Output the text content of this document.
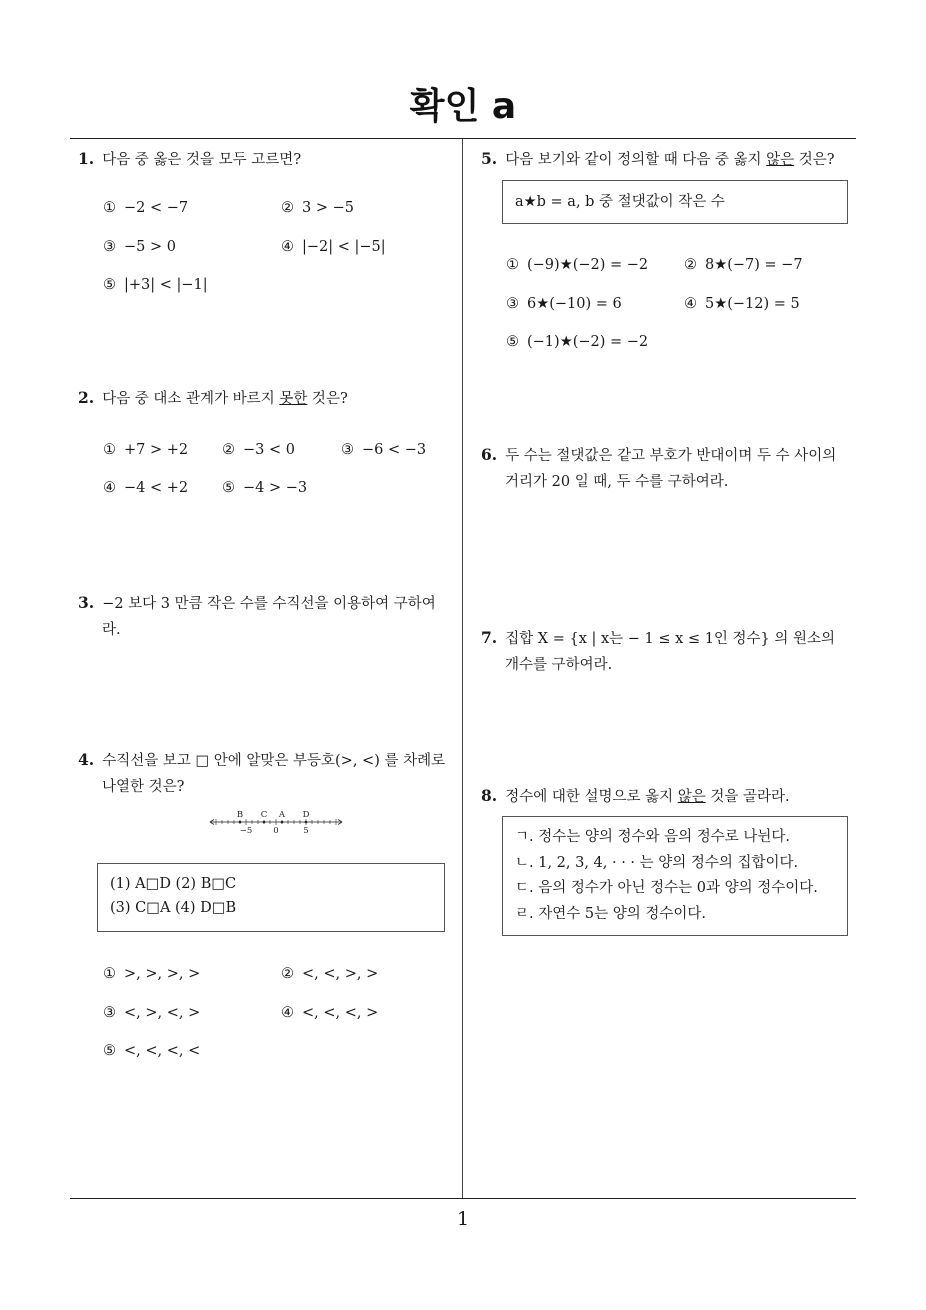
확인 a
1
1. 다음 중 옳은 것을 모두 고르면?
① −2 < −7	② 3 > −5
③ −5 > 0	④ |−2| < |−5|
⑤ |+3| < |−1|
2. 다음 중 대소 관계가 바르지 못한 것은?
① +7 > +2 ② −3 < 0	③ −6 < −3
④ −4 < +2 ⑤ −4 > −3
3. −2 보다 3 만큼 작은 수를 수직선을 이용하여 구하여
라.
4. 수직선을 보고 □ 안에 알맞은 부등호(>, <) 를 차례로
나열한 것은?
B C A D
−5 0	5
(1) A□D (2) B□C
(3) C□A (4) D□B
① >, >, >, >	② <, <, >, >
③ <, >, <, >	④ <, <, <, >
⑤ <, <, <, <
5. 다음 보기와 같이 정의할 때 다음 중 옳지 않은 것은?
a★b = a, b 중 절댓값이 작은 수
① (−9)★(−2) = −2 ② 8★(−7) = −7
③ 6★(−10) = 6	④ 5★(−12) = 5
⑤ (−1)★(−2) = −2
6. 두 수는 절댓값은 같고 부호가 반대이며 두 수 사이의
거리가 20 일 때, 두 수를 구하여라.
7. 집합 X = {x | x는 − 1 ≤ x ≤ 1인 정수} 의 원소의
개수를 구하여라.
8. 정수에 대한 설명으로 옳지 않은 것을 골라라.
ㄱ. 정수는 양의 정수와 음의 정수로 나뉜다.
ㄴ. 1, 2, 3, 4, · · · 는 양의 정수의 집합이다.
ㄷ. 음의 정수가 아닌 정수는 0과 양의 정수이다.
ㄹ. 자연수 5는 양의 정수이다.
